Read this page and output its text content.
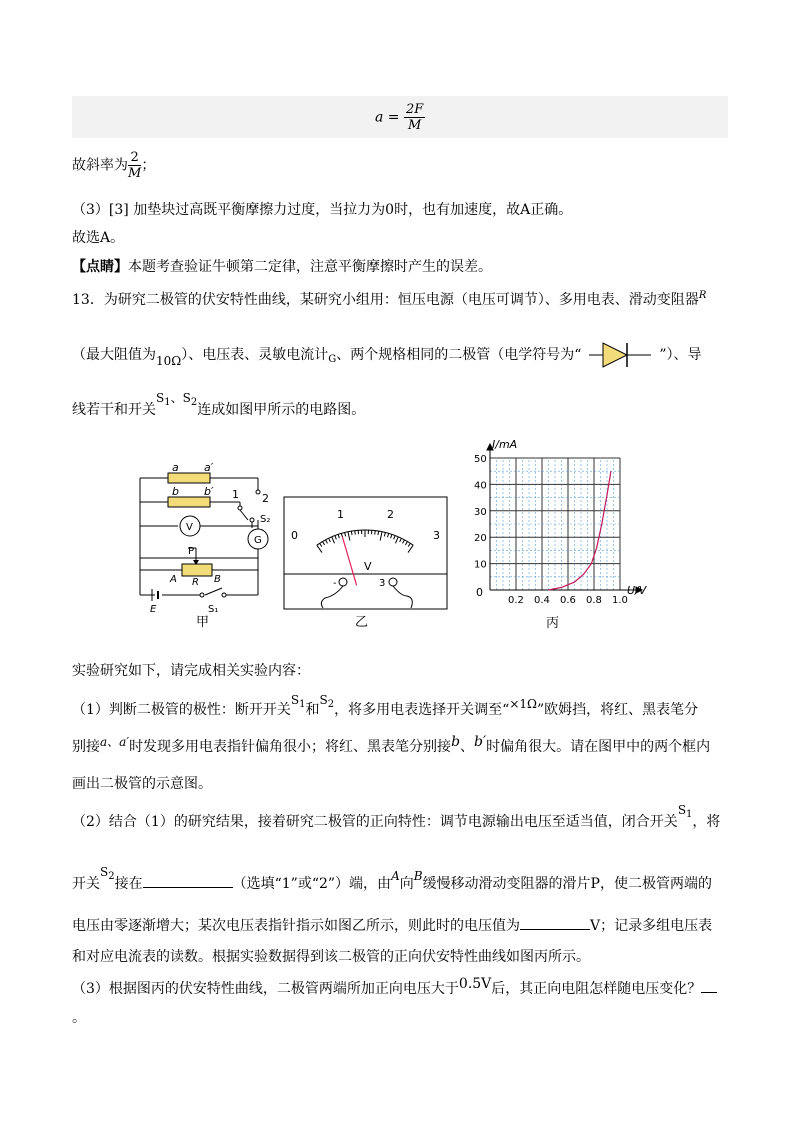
$a = \frac{2F}{M}$
故斜率为 $\frac{2}{M}$ ；
（3）[3] 加垫块过高既平衡摩擦力过度，当拉力为0时，也有加速度，故A正确。
故选A。
【点睛】本题考查验证牛顿第二定律，注意平衡摩擦时产生的误差。
13．为研究二极管的伏安特性曲线，某研究小组用：恒压电源（电压可调节）、多用电表、滑动变阻器$^R$
（最大阻值为10Ω）、电压表、灵敏电流计$_G$、两个规格相同的二极管（电学符号为“	”）、导
线若干和开关$S_1$、$S_2$连成如图甲所示的电路图。
a a′
b b′ 1 2
S₂
V
G
P
A R B
E	S₁
甲
0
1	2
3
V
-	3
乙
0.2 0.4 0.6 0.8 1.0
10
20
30
40
50
I/mA
U/V
0
丙
实验研究如下，请完成相关实验内容：
（1）判断二极管的极性：断开开关$S_1$和$S_2$，将多用电表选择开关调至“×1Ω”欧姆挡，将红、黑表笔分
别接a、a′时发现多用电表指针偏角很小；将红、黑表笔分别接b、b′时偏角很大。请在图甲中的两个框内
画出二极管的示意图。
（2）结合（1）的研究结果，接着研究二极管的正向特性：调节电源输出电压至适当值，闭合开关$S_1$，将
开关$S_2$接在	（选填“1”或“2”）端，由A向B缓慢移动滑动变阻器的滑片P，使二极管两端的
电压由零逐渐增大；某次电压表指针指示如图乙所示，则此时的电压值为	V；记录多组电压表
和对应电流表的读数。根据实验数据得到该二极管的正向伏安特性曲线如图丙所示。
（3）根据图丙的伏安特性曲线，二极管两端所加正向电压大于0.5V后，其正向电阻怎样随电压变化？
。
